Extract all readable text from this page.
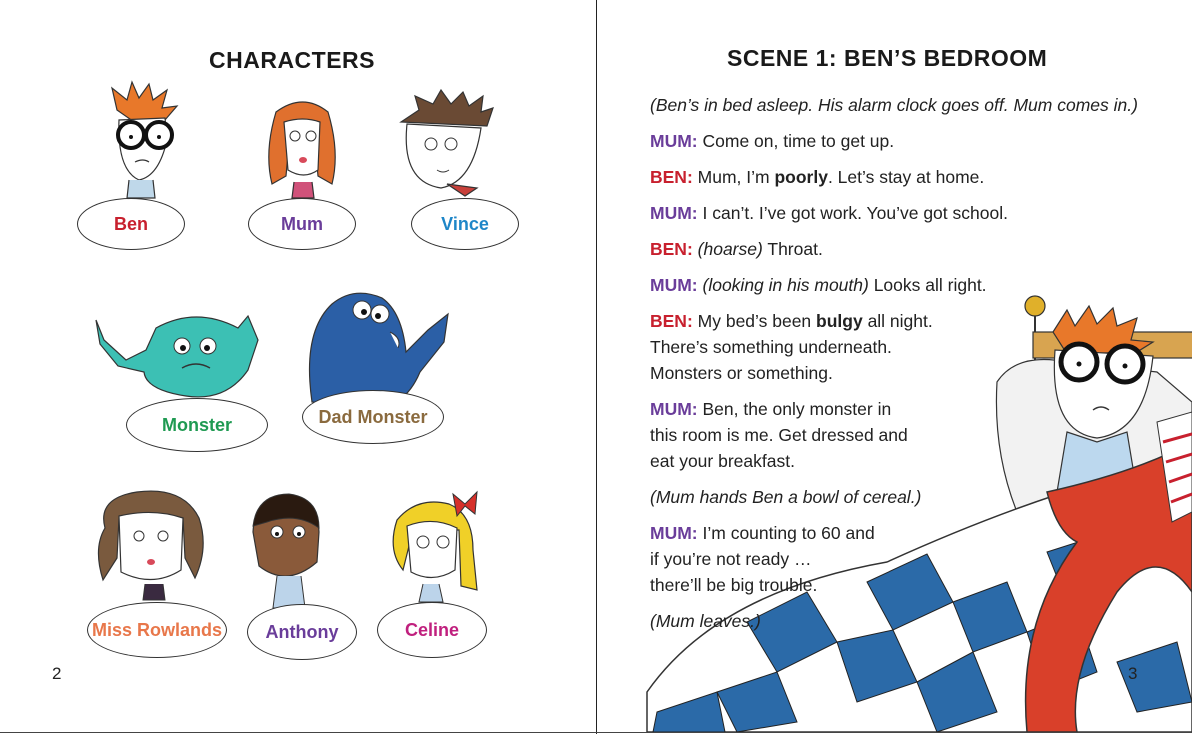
CHARACTERS
Ben	Mum	Vince
Monster	Dad Monster
Miss Rowlands	Anthony	Celine
2
SCENE 1: BEN’S BEDROOM
(Ben’s in bed asleep. His alarm clock goes off. Mum comes in.)
MUM: Come on, time to get up.
BEN: Mum, I’m poorly. Let’s stay at home.
MUM: I can’t. I’ve got work. You’ve got school.
BEN: (hoarse) Throat.
MUM: (looking in his mouth) Looks all right.
BEN: My bed’s been bulgy all night.
There’s something underneath.
Monsters or something.
MUM: Ben, the only monster in
this room is me. Get dressed and
eat your breakfast.
(Mum hands Ben a bowl of cereal.)
MUM: I’m counting to 60 and
if you’re not ready …
there’ll be big trouble.
(Mum leaves.)
3
